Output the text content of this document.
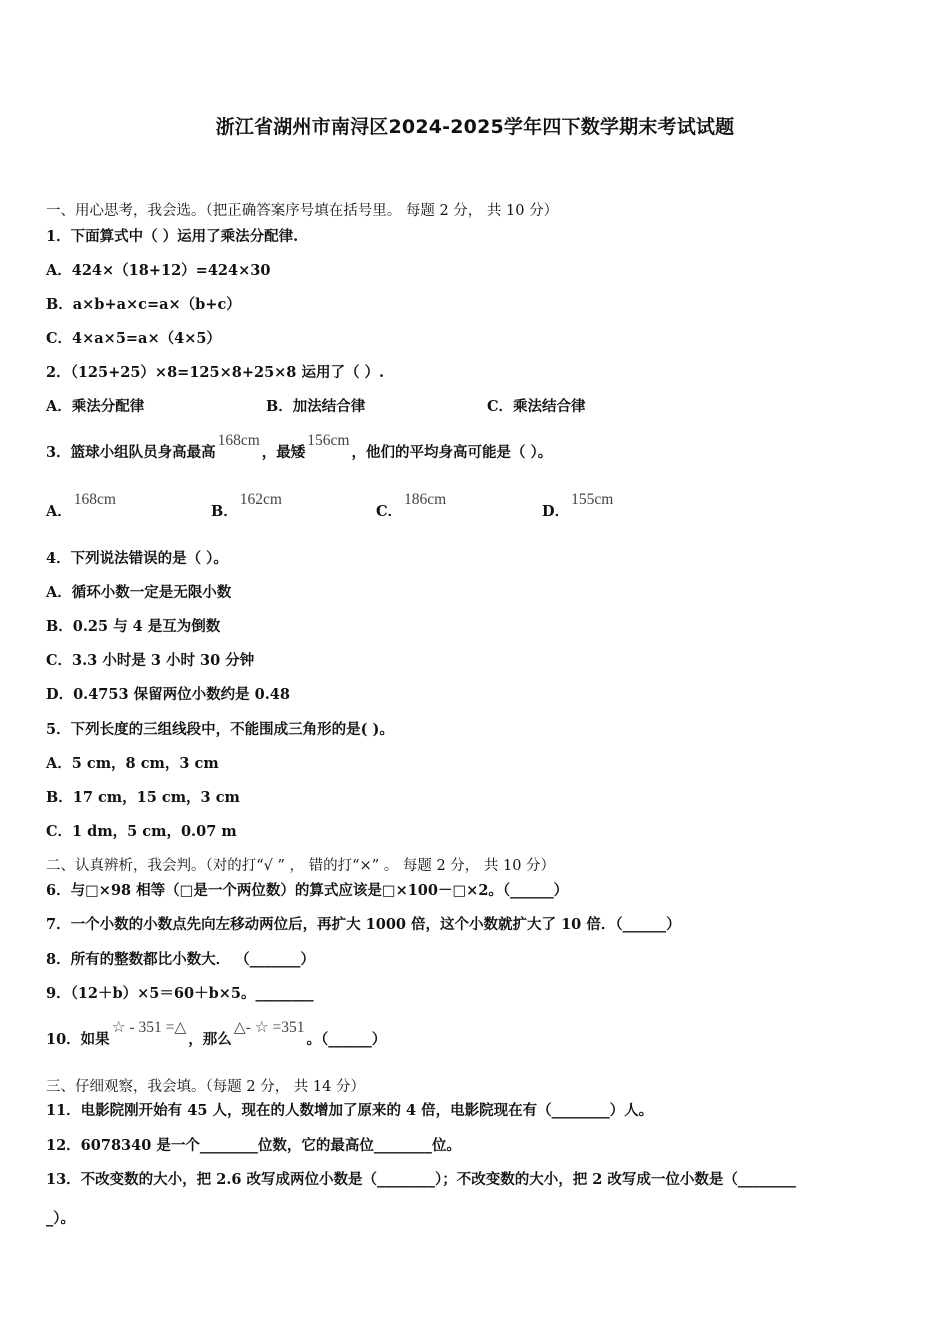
浙江省湖州市南浔区2024-2025学年四下数学期末考试试题
一、用心思考，我会选。（把正确答案序号填在括号里。 每题 2 分， 共 10 分）
1．下面算式中（ ）运用了乘法分配律.
A．424×（18+12）=424×30
B．a×b+a×c=a×（b+c）
C．4×a×5=a×（4×5）
2．（125+25）×8=125×8+25×8 运用了（ ）.
A．乘法分配律	B．加法结合律	C．乘法结合律
3．篮球小组队员身高最高168cm，最矮156cm，他们的平均身高可能是（ ）。
A．168cm
B．162cm
C．186cm
D．155cm
4．下列说法错误的是（ ）。
A．循环小数一定是无限小数
B．0.25 与 4 是互为倒数
C．3.3 小时是 3 小时 30 分钟
D．0.4753 保留两位小数约是 0.48
5．下列长度的三组线段中，不能围成三角形的是( )。
A．5 cm，8 cm，3 cm
B．17 cm，15 cm，3 cm
C．1 dm，5 cm，0.07 m
二、认真辨析，我会判。（对的打“√ ” ， 错的打“×” 。 每题 2 分， 共 10 分）
6．与□×98 相等（□是一个两位数）的算式应该是□×100－□×2。（______）
7．一个小数的小数点先向左移动两位后，再扩大 1000 倍，这个小数就扩大了 10 倍．（______）
8．所有的整数都比小数大． （_______）
9．（12＋b）×5＝60＋b×5。________
10．如果☆ - 351 =△，那么△- ☆ =351。（______）
三、仔细观察，我会填。（每题 2 分， 共 14 分）
11．电影院刚开始有 45 人，现在的人数增加了原来的 4 倍，电影院现在有（________）人。
12．6078340 是一个________位数，它的最高位________位。
13．不改变数的大小，把 2.6 改写成两位小数是（________）；不改变数的大小，把 2 改写成一位小数是（________
_）。
